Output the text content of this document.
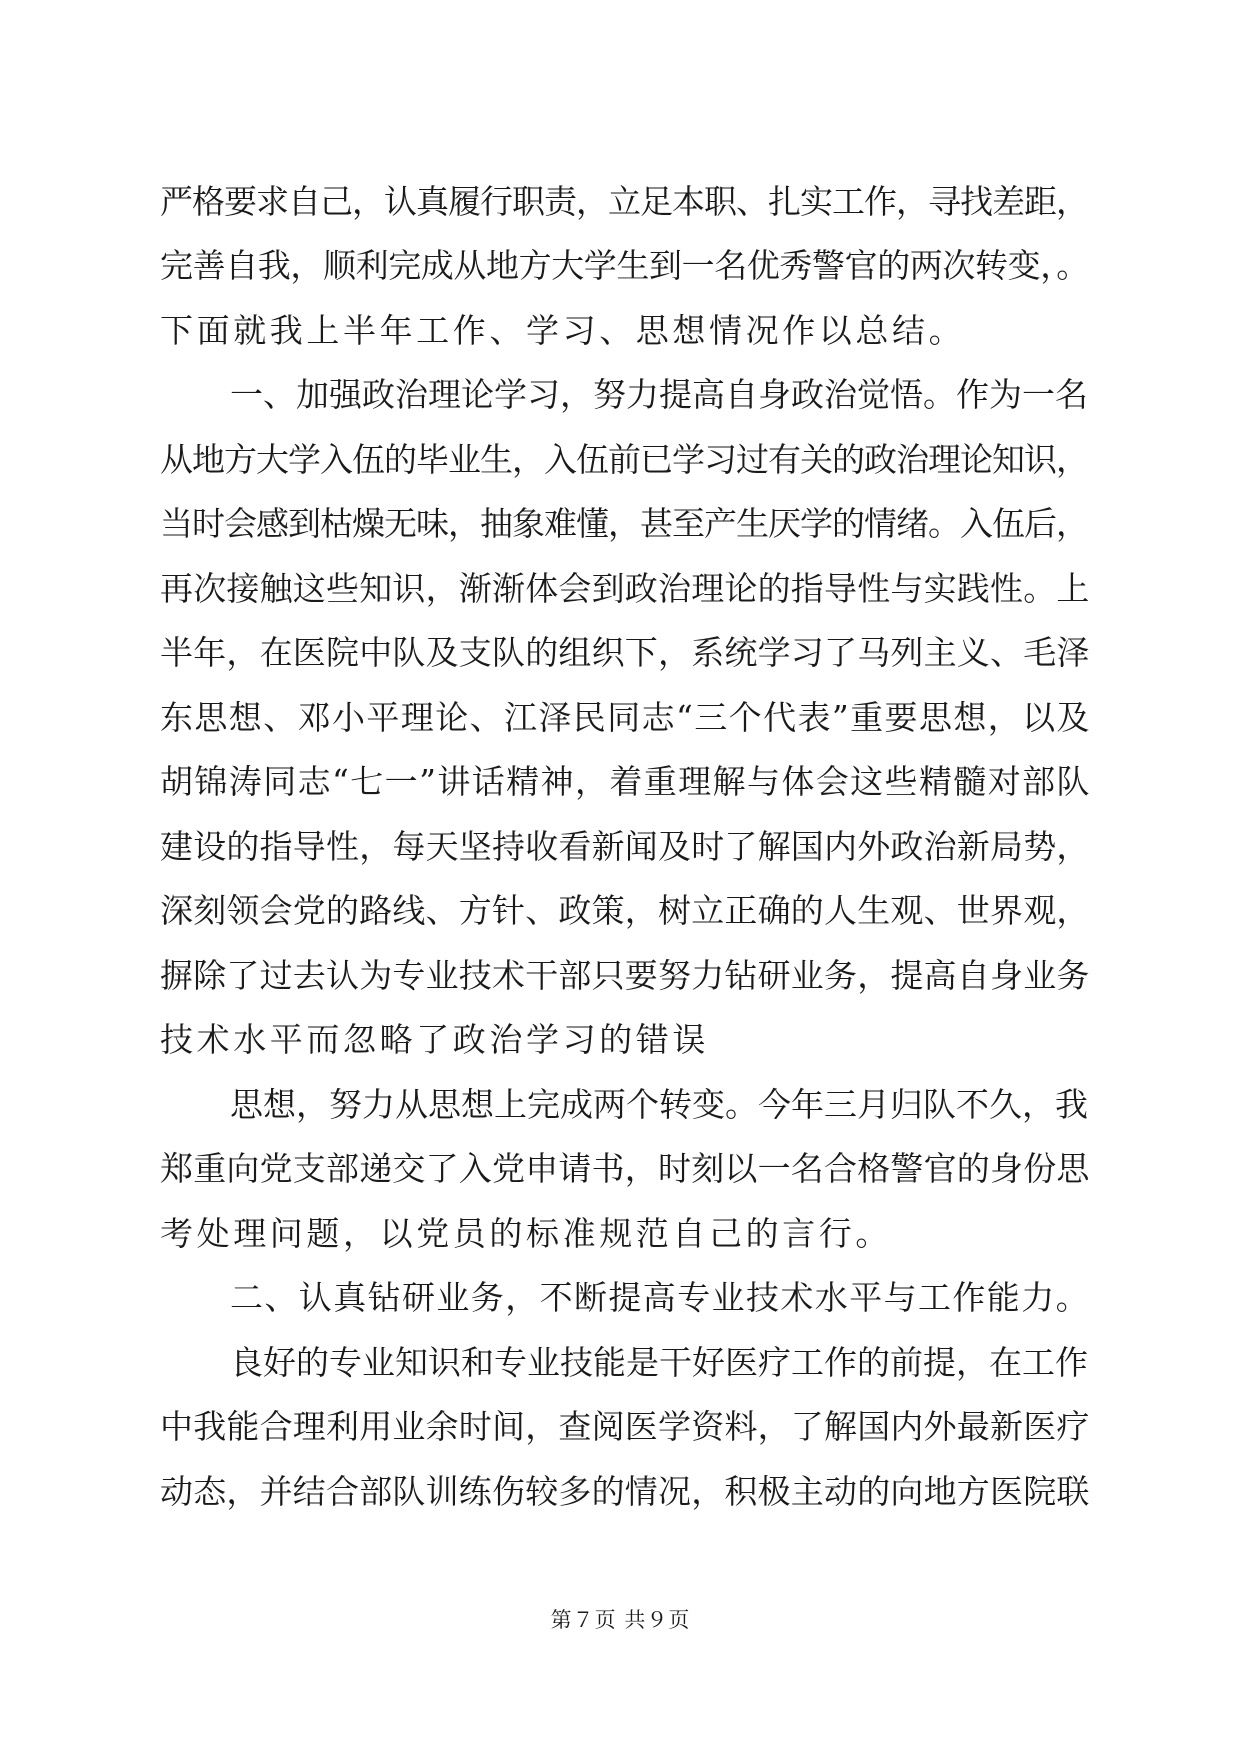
严格要求自己，认真履行职责，立足本职、扎实工作，寻找差距，
完善自我，顺利完成从地方大学生到一名优秀警官的两次转变，。
下面就我上半年工作、学习、思想情况作以总结。
一、加强政治理论学习，努力提高自身政治觉悟。作为一名
从地方大学入伍的毕业生，入伍前已学习过有关的政治理论知识，
当时会感到枯燥无味，抽象难懂，甚至产生厌学的情绪。入伍后，
再次接触这些知识，渐渐体会到政治理论的指导性与实践性。上
半年，在医院中队及支队的组织下，系统学习了马列主义、毛泽
东思想、邓小平理论、江泽民同志“三个代表”重要思想，以及
胡锦涛同志“七一”讲话精神，着重理解与体会这些精髓对部队
建设的指导性，每天坚持收看新闻及时了解国内外政治新局势，
深刻领会党的路线、方针、政策，树立正确的人生观、世界观，
摒除了过去认为专业技术干部只要努力钻研业务，提高自身业务
技术水平而忽略了政治学习的错误
思想，努力从思想上完成两个转变。今年三月归队不久，我
郑重向党支部递交了入党申请书，时刻以一名合格警官的身份思
考处理问题，以党员的标准规范自己的言行。
二、认真钻研业务，不断提高专业技术水平与工作能力。
良好的专业知识和专业技能是干好医疗工作的前提，在工作
中我能合理利用业余时间，查阅医学资料，了解国内外最新医疗
动态，并结合部队训练伤较多的情况，积极主动的向地方医院联
第７页 共９页
